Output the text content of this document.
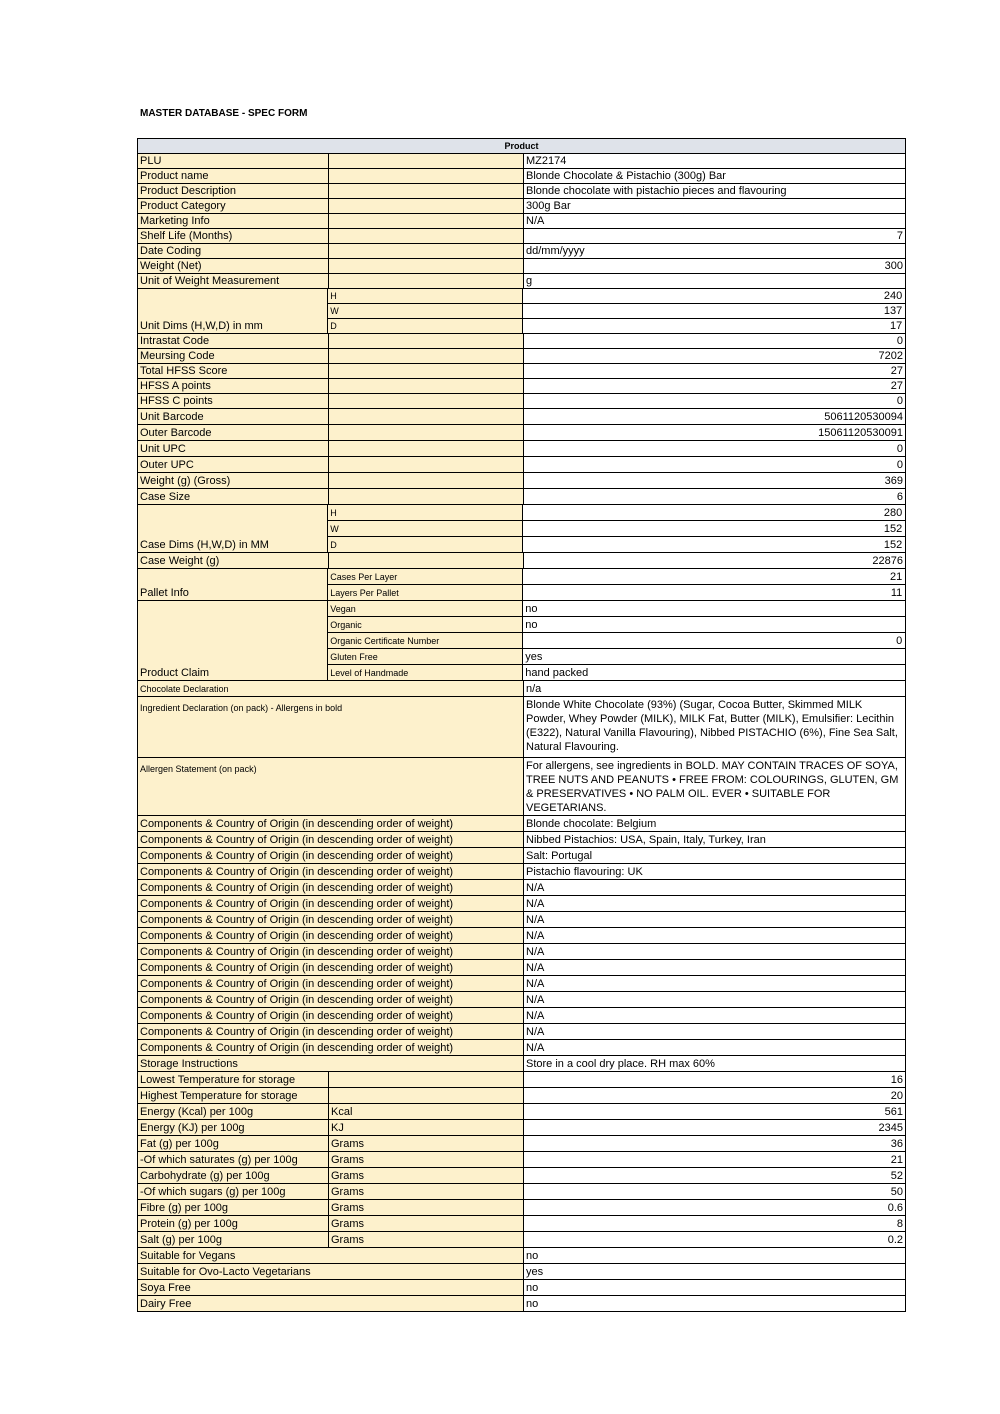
MASTER DATABASE - SPEC FORM
Product
PLU	MZ2174
Product name	Blonde Chocolate & Pistachio (300g) Bar
Product Description	Blonde chocolate with pistachio pieces and flavouring
Product Category	300g Bar
Marketing Info	N/A
Shelf Life (Months)	7
Date Coding	dd/mm/yyyy
Weight (Net)	300
Unit of Weight Measurement	g
Unit Dims (H,W,D) in mm
H	240
W	137
D	17
Intrastat Code	0
Meursing Code	7202
Total HFSS Score	27
HFSS A points	27
HFSS C points	0
Unit Barcode	5061120530094
Outer Barcode	15061120530091
Unit UPC	0
Outer UPC	0
Weight (g) (Gross)	369
Case Size	6
Case Dims (H,W,D) in MM
H	280
W	152
D	152
Case Weight (g)	22876
Pallet Info
Cases Per Layer	21
Layers Per Pallet	11
Product Claim
Vegan	no
Organic	no
Organic Certificate Number	0
Gluten Free	yes
Level of Handmade	hand packed
Chocolate Declaration	n/a
Ingredient Declaration (on pack) - Allergens in bold	Blonde White Chocolate (93%) (Sugar, Cocoa Butter, Skimmed MILK Powder, Whey Powder (MILK), MILK Fat, Butter (MILK), Emulsifier: Lecithin (E322), Natural Vanilla Flavouring), Nibbed PISTACHIO (6%), Fine Sea Salt, Natural Flavouring.
Allergen Statement (on pack)	For allergens, see ingredients in BOLD. MAY CONTAIN TRACES OF SOYA, TREE NUTS AND PEANUTS • FREE FROM: COLOURINGS, GLUTEN, GM & PRESERVATIVES • NO PALM OIL. EVER • SUITABLE FOR VEGETARIANS.
Components & Country of Origin (in descending order of weight)	Blonde chocolate: Belgium
Components & Country of Origin (in descending order of weight)	Nibbed Pistachios: USA, Spain, Italy, Turkey, Iran
Components & Country of Origin (in descending order of weight)	Salt: Portugal
Components & Country of Origin (in descending order of weight)	Pistachio flavouring: UK
Components & Country of Origin (in descending order of weight)	N/A
Components & Country of Origin (in descending order of weight)	N/A
Components & Country of Origin (in descending order of weight)	N/A
Components & Country of Origin (in descending order of weight)	N/A
Components & Country of Origin (in descending order of weight)	N/A
Components & Country of Origin (in descending order of weight)	N/A
Components & Country of Origin (in descending order of weight)	N/A
Components & Country of Origin (in descending order of weight)	N/A
Components & Country of Origin (in descending order of weight)	N/A
Components & Country of Origin (in descending order of weight)	N/A
Components & Country of Origin (in descending order of weight)	N/A
Storage Instructions	Store in a cool dry place. RH max 60%
Lowest Temperature for storage	16
Highest Temperature for storage	20
Energy (Kcal) per 100g	Kcal	561
Energy (KJ) per 100g	KJ	2345
Fat (g) per 100g	Grams	36
-Of which saturates (g) per 100g	Grams	21
Carbohydrate (g) per 100g	Grams	52
-Of which sugars (g) per 100g	Grams	50
Fibre (g) per 100g	Grams	0.6
Protein (g) per 100g	Grams	8
Salt (g) per 100g	Grams	0.2
Suitable for Vegans	no
Suitable for Ovo-Lacto Vegetarians	yes
Soya Free	no
Dairy Free	no
